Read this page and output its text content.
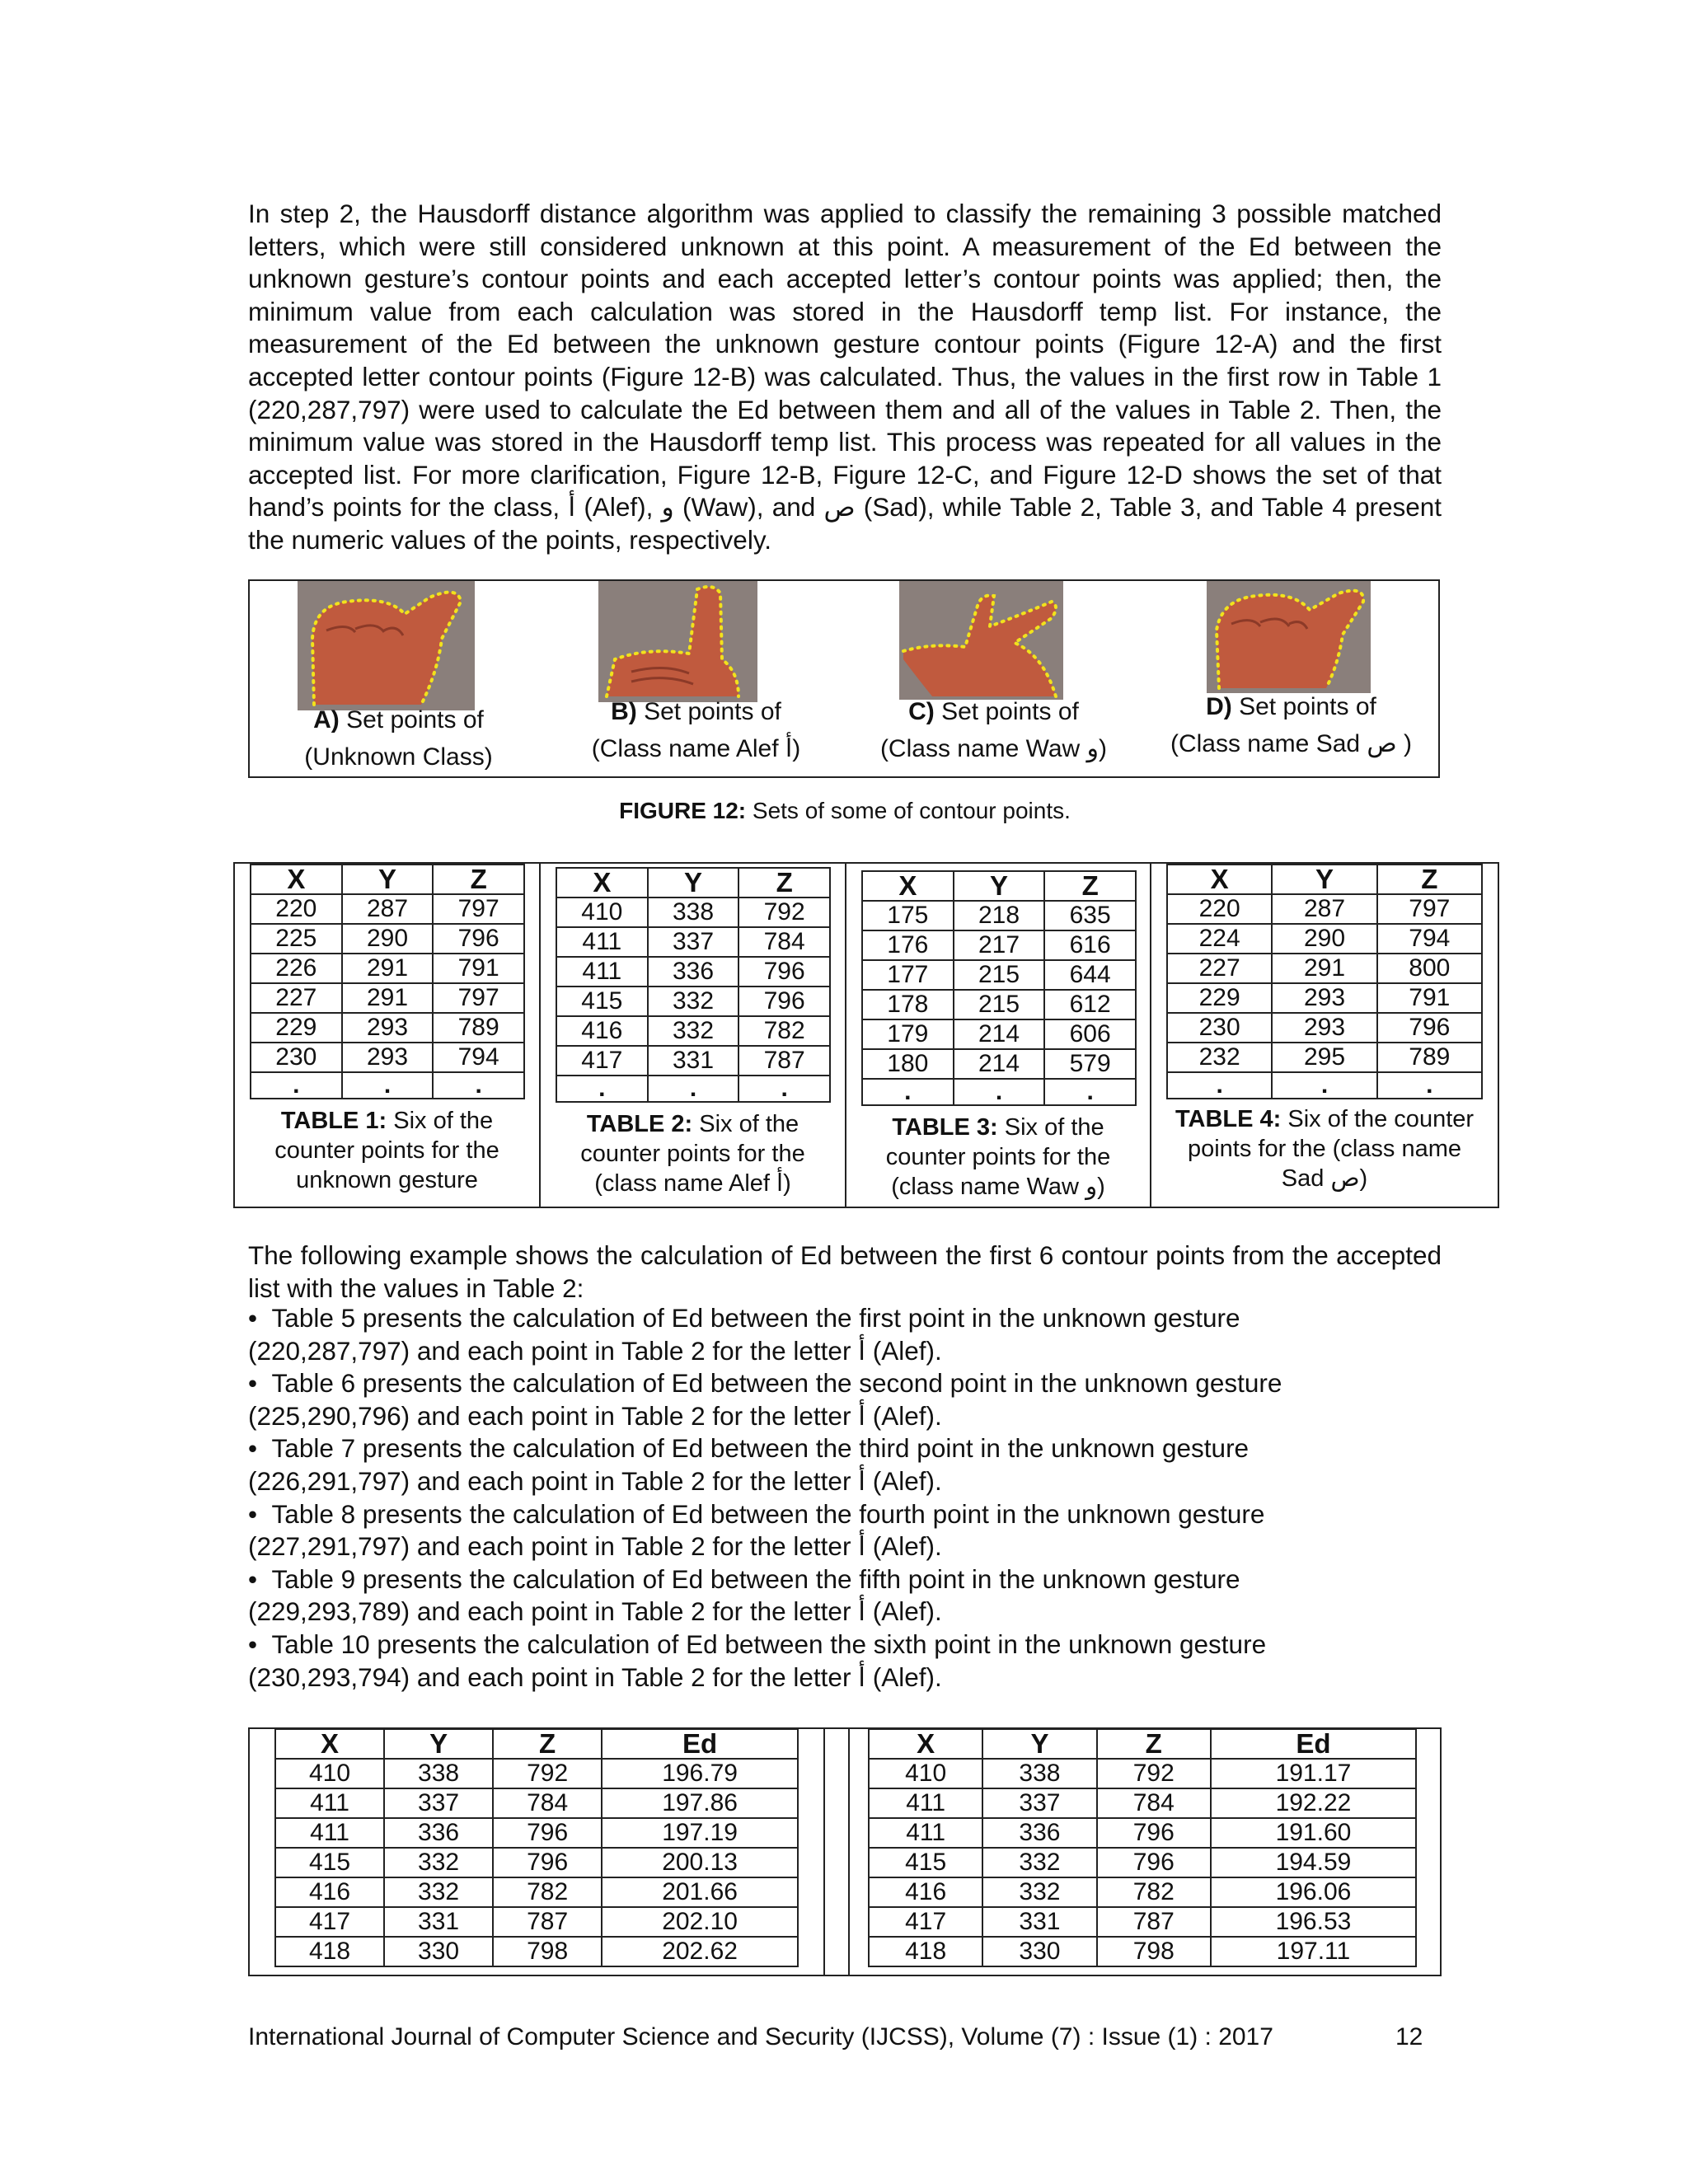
In step 2, the Hausdorff distance algorithm was applied to classify the remaining 3 possible matched letters, which were still considered unknown at this point. A measurement of the Ed between the unknown gesture’s contour points and each accepted letter’s contour points was applied; then, the minimum value from each calculation was stored in the Hausdorff temp list. For instance, the measurement of the Ed between the unknown gesture contour points (Figure 12-A) and the first accepted letter contour points (Figure 12-B) was calculated. Thus, the values in the first row in Table 1 (220,287,797) were used to calculate the Ed between them and all of the values in Table 2. Then, the minimum value was stored in the Hausdorff temp list. This process was repeated for all values in the accepted list. For more clarification, Figure 12-B, Figure 12-C, and Figure 12-D shows the set of that hand’s points for the class, أ (Alef), و (Waw), and ص (Sad), while Table 2, Table 3, and Table 4 present the numeric values of the points, respectively.

A) Set points of
(Unknown Class)
B) Set points of
(Class name Alef أ)
C) Set points of
(Class name Waw و)
D) Set points of
(Class name Sad ص )
FIGURE 12: Sets of some of contour points.
X	Y	Z
220	287	797
225	290	796
226	291	791
227	291	797
229	293	789
230	293	794
.	.	.
TABLE 1: Six of the
counter points for the
unknown gesture
X	Y	Z
410	338	792
411	337	784
411	336	796
415	332	796
416	332	782
417	331	787
.	.	.
TABLE 2: Six of the
counter points for the
(class name Alef أ)
X	Y	Z
175	218	635
176	217	616
177	215	644
178	215	612
179	214	606
180	214	579
.	.	.
TABLE 3: Six of the
counter points for the
(class name Waw و)
X	Y	Z
220	287	797
224	290	794
227	291	800
229	293	791
230	293	796
232	295	789
.	.	.
TABLE 4: Six of the counter
points for the (class name
Sad ص)

The following example shows the calculation of Ed between the first 6 contour points from the accepted list with the values in Table 2:

•  Table 5 presents the calculation of Ed between the first point in the unknown gesture
(220,287,797) and each point in Table 2 for the letter أ (Alef).
•  Table 6 presents the calculation of Ed between the second point in the unknown gesture
(225,290,796) and each point in Table 2 for the letter أ (Alef).
•  Table 7 presents the calculation of Ed between the third point in the unknown gesture
(226,291,797) and each point in Table 2 for the letter أ (Alef).
•  Table 8 presents the calculation of Ed between the fourth point in the unknown gesture
(227,291,797) and each point in Table 2 for the letter أ (Alef).
•  Table 9 presents the calculation of Ed between the fifth point in the unknown gesture
(229,293,789) and each point in Table 2 for the letter أ (Alef).
•  Table 10 presents the calculation of Ed between the sixth point in the unknown gesture
(230,293,794) and each point in Table 2 for the letter أ (Alef).
X	Y	Z	Ed
410	338	792	196.79
411	337	784	197.86
411	336	796	197.19
415	332	796	200.13
416	332	782	201.66
417	331	787	202.10
418	330	798	202.62
X	Y	Z	Ed
410	338	792	191.17
411	337	784	192.22
411	336	796	191.60
415	332	796	194.59
416	332	782	196.06
417	331	787	196.53
418	330	798	197.11
International Journal of Computer Science and Security (IJCSS), Volume (7) : Issue (1) : 2017	12
